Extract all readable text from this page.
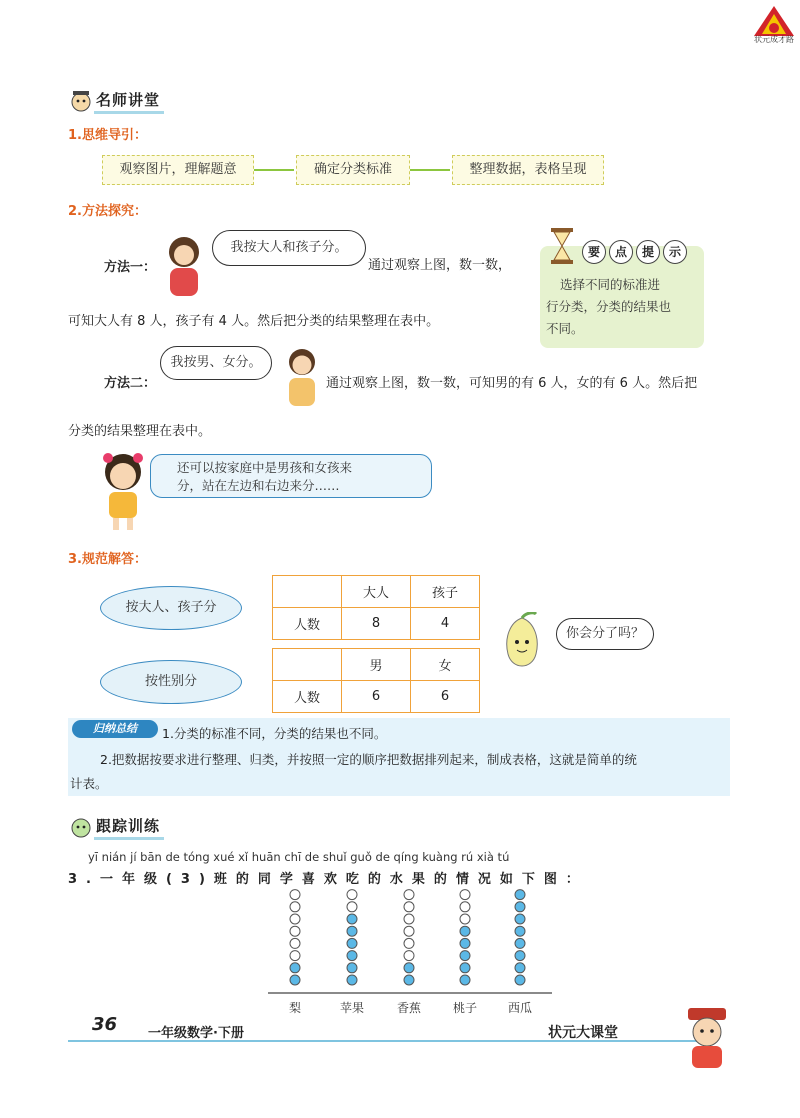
状元成才路
名师讲堂
1.思维导引：
观察图片，理解题意	确定分类标准	整理数据，表格呈现
2.方法探究：
方法一：
我按大人和孩子分。
通过观察上图，数一数，
可知大人有 8 人，孩子有 4 人。然后把分类的结果整理在表中。
要 点 提 示
选择不同的标准进
行分类，分类的结果也
不同。
方法二：
我按男、女分。
通过观察上图，数一数，可知男的有 6 人，女的有 6 人。然后把
分类的结果整理在表中。
还可以按家庭中是男孩和女孩来
分，站在左边和右边来分……
3.规范解答：
按大人、孩子分
按性别分
	大人	孩子
人数	8	4
	男	女
人数	6	6
你会分了吗？
归纳总结	1.分类的标准不同，分类的结果也不同。
2.把数据按要求进行整理、归类，并按照一定的顺序把数据排列起来，制成表格，这就是简单的统
计表。
跟踪训练
yī nián jí bān de tóng xué xǐ huān chī de shuǐ guǒ de qíng kuàng rú xià tú
3.一年级(3)班的同学喜欢吃的水果的情况如下图：
梨	苹果	香蕉	桃子	西瓜
36 一年级数学·下册	状元大课堂
